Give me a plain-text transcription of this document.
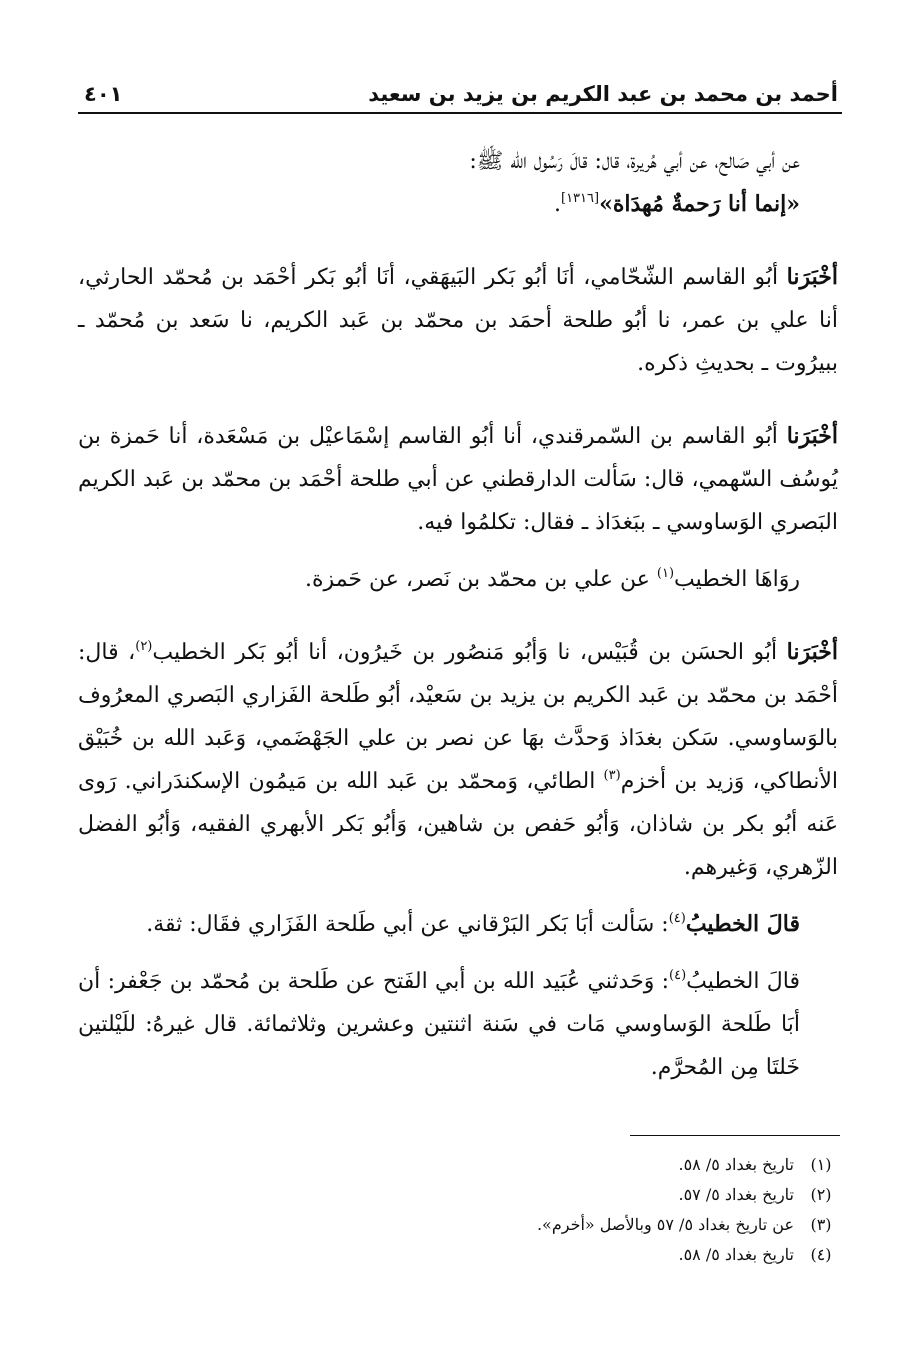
أحمد بن محمد بن عبد الكريم بن يزيد بن سعيد
٤٠١

عن أبي صَالح، عن أبي هُريرة، قال: قالَ رَسُول الله ﷺ:

«إنما أنا رَحمةٌ مُهدَاة»[١٣١٦].

أخْبَرَنا أبُو القاسم الشّحّامي، أنَا أبُو بَكر البَيهَقي، أنَا أبُو بَكر أحْمَد بن مُحمّد الحارثي، أنا علي بن عمر، نا أبُو طلحة أحمَد بن محمّد بن عَبد الكريم، نا سَعد بن مُحمّد ـ ببيرُوت ـ بحديثِ ذكره.

أخْبَرَنا أبُو القاسم بن السّمرقندي، أنا أبُو القاسم إسْمَاعيْل بن مَسْعَدة، أنا حَمزة بن يُوسُف السّهمي، قال: سَألت الدارقطني عن أبي طلحة أحْمَد بن محمّد بن عَبد الكريم البَصري الوَساوسي ـ ببَغدَاذ ـ فقال: تكلمُوا فيه.

روَاهَا الخطيب$^{(١)}$ عن علي بن محمّد بن نَصر، عن حَمزة.

أخْبَرَنا أبُو الحسَن بن قُبَيْس، نا وَأبُو مَنصُور بن خَيرُون، أنا أبُو بَكر الخطيب$^{(٢)}$، قال: أحْمَد بن محمّد بن عَبد الكريم بن يزيد بن سَعيْد، أبُو طَلحة الفَزاري البَصري المعرُوف بالوَساوسي. سَكن بغدَاذ وَحدَّث بهَا عن نصر بن علي الجَهْضَمي، وَعَبد الله بن خُبَيْق الأنطاكي، وَزيد بن أخزم$^{(٣)}$ الطائي، وَمحمّد بن عَبد الله بن مَيمُون الإسكندَراني. رَوى عَنه أبُو بكر بن شاذان، وَأبُو حَفص بن شاهين، وَأبُو بَكر الأبهري الفقيه، وَأبُو الفضل الزّهري، وَغيرهم.

قالَ الخطيبُ$^{(٤)}$: سَألت أبَا بَكر البَرْقاني عن أبي طَلحة الفَزَاري فقَال: ثقة.

قالَ الخطيبُ$^{(٤)}$: وَحَدثني عُبَيد الله بن أبي الفَتح عن طَلحة بن مُحمّد بن جَعْفر: أن أبَا طَلحة الوَساوسي مَات في سَنة اثنتين وعشرين وثلاثمائة. قال غيرهُ: للَيْلتين خَلتَا مِن المُحرَّم.

(١)
تاريخ بغداد ٥/ ٥٨.
(٢)
تاريخ بغداد ٥/ ٥٧.
(٣)
عن تاريخ بغداد ٥/ ٥٧ وبالأصل «أخرم».
(٤)
تاريخ بغداد ٥/ ٥٨.
